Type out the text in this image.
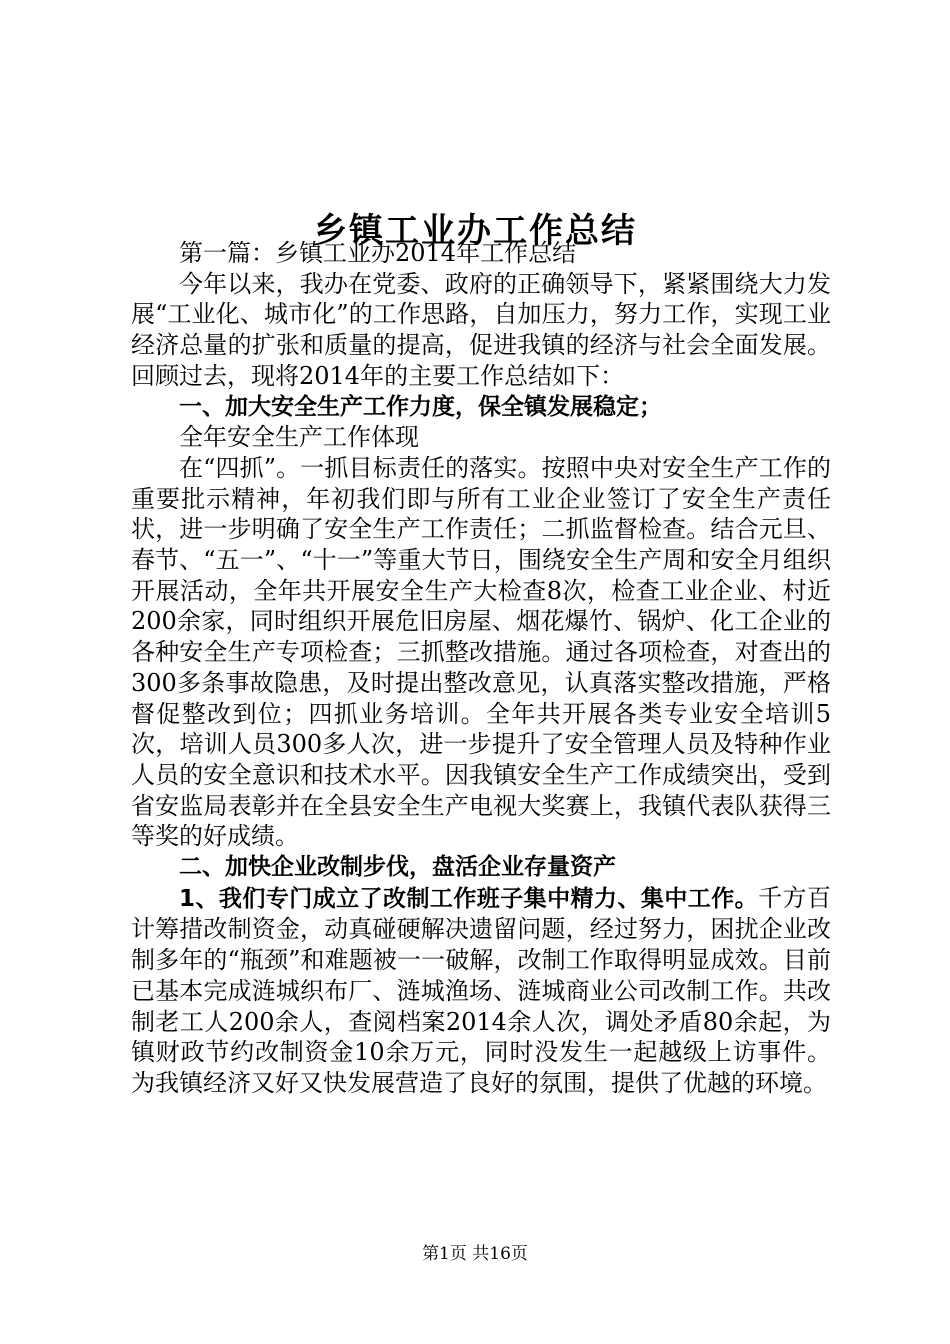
乡镇工业办工作总结

第一篇：乡镇工业办2014年工作总结

今年以来，我办在党委、政府的正确领导下，紧紧围绕大力发展“工业化、城市化”的工作思路，自加压力，努力工作，实现工业经济总量的扩张和质量的提高，促进我镇的经济与社会全面发展。回顾过去，现将2014年的主要工作总结如下：

一、加大安全生产工作力度，保全镇发展稳定；

全年安全生产工作体现

在“四抓”。一抓目标责任的落实。按照中央对安全生产工作的重要批示精神，年初我们即与所有工业企业签订了安全生产责任状，进一步明确了安全生产工作责任；二抓监督检查。结合元旦、春节、“五一”、“十一”等重大节日，围绕安全生产周和安全月组织开展活动，全年共开展安全生产大检查8次，检查工业企业、村近200余家，同时组织开展危旧房屋、烟花爆竹、锅炉、化工企业的各种安全生产专项检查；三抓整改措施。通过各项检查，对查出的300多条事故隐患，及时提出整改意见，认真落实整改措施，严格督促整改到位；四抓业务培训。全年共开展各类专业安全培训5次，培训人员300多人次，进一步提升了安全管理人员及特种作业人员的安全意识和技术水平。因我镇安全生产工作成绩突出，受到省安监局表彰并在全县安全生产电视大奖赛上，我镇代表队获得三等奖的好成绩。

二、加快企业改制步伐，盘活企业存量资产

1、我们专门成立了改制工作班子集中精力、集中工作。千方百计筹措改制资金，动真碰硬解决遗留问题，经过努力，困扰企业改制多年的“瓶颈”和难题被一一破解，改制工作取得明显成效。目前已基本完成涟城织布厂、涟城渔场、涟城商业公司改制工作。共改制老工人200余人，查阅档案2014余人次，调处矛盾80余起，为镇财政节约改制资金10余万元，同时没发生一起越级上访事件。为我镇经济又好又快发展营造了良好的氛围，提供了优越的环境。

第1页 共16页
